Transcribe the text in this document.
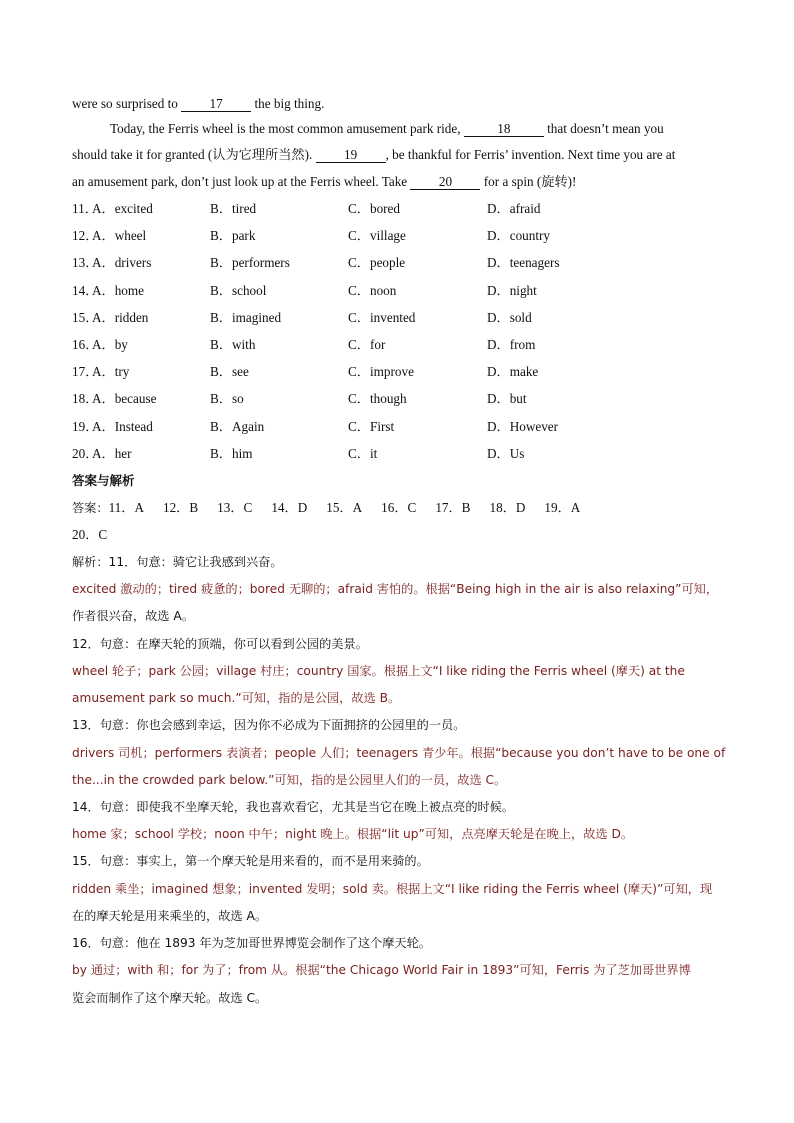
were so surprised to 17 the big thing.
Today, the Ferris wheel is the most common amusement park ride,	18	that doesn’t mean you
should take it for granted (认为它理所当然). 19 , be thankful for Ferris’ invention. Next time you are at
an amusement park, don’t just look up at the Ferris wheel. Take 20 for a spin (旋转)!
11．
A．excited	B．tired	C．bored	D．afraid
12．
A．wheel	B．park	C．village	D．country
13．
A．drivers	B．performers	C．people	D．teenagers
14．
A．home	B．school	C．noon	D．night
15．
A．ridden	B．imagined	C．invented	D．sold
16．
A．by	B．with	C．for	D．from
17．
A．try	B．see	C．improve	D．make
18．
A．because	B．so	C．though	D．but
19．
A．Instead	B．Again	C．First	D．However
20．
A．her	B．him	C．it	D．Us
答案与解析
答案：11．A 12．B 13．C 14．D 15．A 16．C 17．B 18．D 19．A
20．C
解析：11．句意：骑它让我感到兴奋。
excited 激动的；tired 疲惫的；bored 无聊的；afraid 害怕的。根据“Being high in the air is also relaxing”可知，
作者很兴奋，故选 A。
12．句意：在摩天轮的顶端，你可以看到公园的美景。
wheel 轮子；park 公园；village 村庄；country 国家。根据上文“I like riding the Ferris wheel (摩天) at the
amusement park so much.”可知，指的是公园，故选 B。
13．句意：你也会感到幸运，因为你不必成为下面拥挤的公园里的一员。
drivers 司机；performers 表演者；people 人们；teenagers 青少年。根据“because you don’t have to be one of
the...in the crowded park below.”可知，指的是公园里人们的一员，故选 C。
14．句意：即使我不坐摩天轮，我也喜欢看它，尤其是当它在晚上被点亮的时候。
home 家；school 学校；noon 中午；night 晚上。根据“lit up”可知，点亮摩天轮是在晚上，故选 D。
15．句意：事实上，第一个摩天轮是用来看的，而不是用来骑的。
ridden 乘坐；imagined 想象；invented 发明；sold 卖。根据上文“I like riding the Ferris wheel (摩天)”可知，现
在的摩天轮是用来乘坐的，故选 A。
16．句意：他在 1893 年为芝加哥世界博览会制作了这个摩天轮。
by 通过；with 和；for 为了；from 从。根据“the Chicago World Fair in 1893”可知，Ferris 为了芝加哥世界博
览会而制作了这个摩天轮。故选 C。
